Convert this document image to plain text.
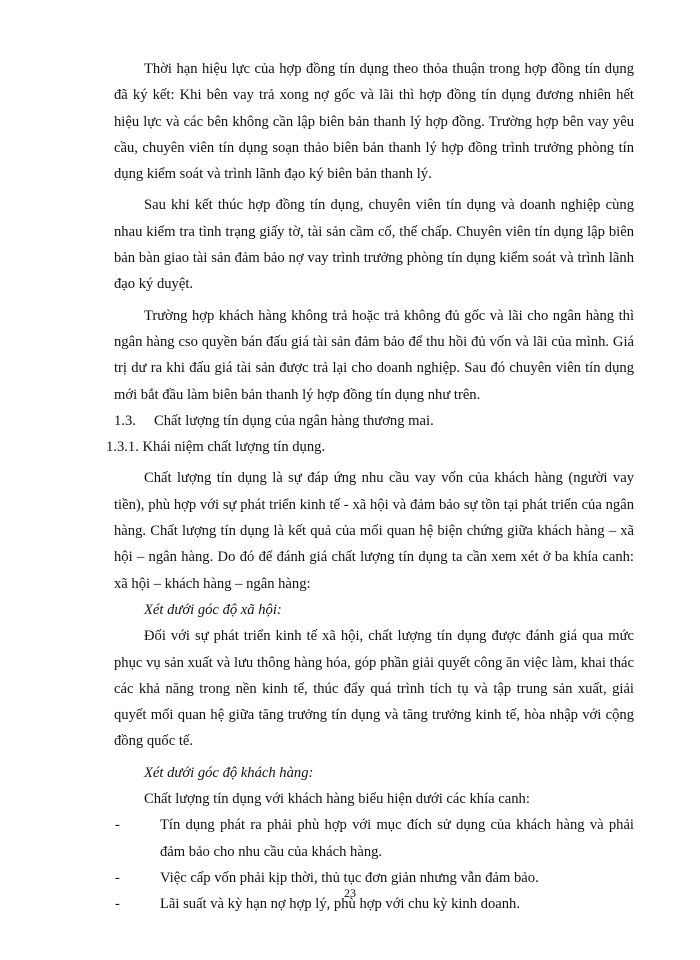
Thời hạn hiệu lực của hợp đồng tín dụng theo thỏa thuận trong hợp đồng tín dụng đã ký kết: Khi bên vay trả xong nợ gốc và lãi thì hợp đồng tín dụng đương nhiên hết hiệu lực và các bên không cần lập biên bản thanh lý hợp đồng. Trường hợp bên vay yêu cầu, chuyên viên tín dụng soạn thảo biên bản thanh lý hợp đồng trình trưởng phòng tín dụng kiểm soát và trình lãnh đạo ký biên bản thanh lý.

Sau khi kết thúc hợp đồng tín dụng, chuyên viên tín dụng và doanh nghiệp cùng nhau kiểm tra tình trạng giấy tờ, tài sản cầm cố, thế chấp. Chuyên viên tín dụng lập biên bản bàn giao tài sản đảm bảo nợ vay trình trưởng phòng tín dụng kiểm soát và trình lãnh đạo ký duyệt.

Trường hợp khách hàng không trả hoặc trả không đủ gốc và lãi cho ngân hàng thì ngân hàng cso quyền bán đấu giá tài sản đảm bảo để thu hồi đủ vốn và lãi của mình. Giá trị dư ra khi đấu giá tài sản được trả lại cho doanh nghiệp. Sau đó chuyên viên tín dụng mới bắt đầu làm biên bản thanh lý hợp đồng tín dụng như trên.

1.3. Chất lượng tín dụng của ngân hàng thương mai.

1.3.1. Khái niệm chất lượng tín dụng.

Chất lượng tín dụng là sự đáp ứng nhu cầu vay vốn của khách hàng (người vay tiền), phù hợp với sự phát triển kinh tế - xã hội và đảm bảo sự tồn tại phát triển của ngân hàng. Chất lượng tín dụng là kết quả của mối quan hệ biện chứng giữa khách hàng – xã hội – ngân hàng. Do đó để đánh giá chất lượng tín dụng ta cần xem xét ở ba khía canh: xã hội – khách hàng – ngân hàng:

Xét dưới góc độ xã hội:

Đối với sự phát triển kinh tế xã hội, chất lượng tín dụng được đánh giá qua mức phục vụ sản xuất và lưu thông hàng hóa, góp phần giải quyết công ăn việc làm, khai thác các khả năng trong nền kinh tế, thúc đẩy quá trình tích tụ và tập trung sản xuất, giải quyết mối quan hệ giữa tăng trưởng tín dụng và tăng trưởng kinh tế, hòa nhập với cộng đồng quốc tế.

Xét dưới góc độ khách hàng:

Chất lượng tín dụng với khách hàng biểu hiện dưới các khía canh:

-	Tín dụng phát ra phải phù hợp với mục đích sử dụng của khách hàng và phải đảm bảo cho nhu cầu của khách hàng.
-	Việc cấp vốn phải kịp thời, thủ tục đơn giản nhưng vẫn đảm bảo.
-	Lãi suất và kỳ hạn nợ hợp lý, phù hợp với chu kỳ kinh doanh.
23
